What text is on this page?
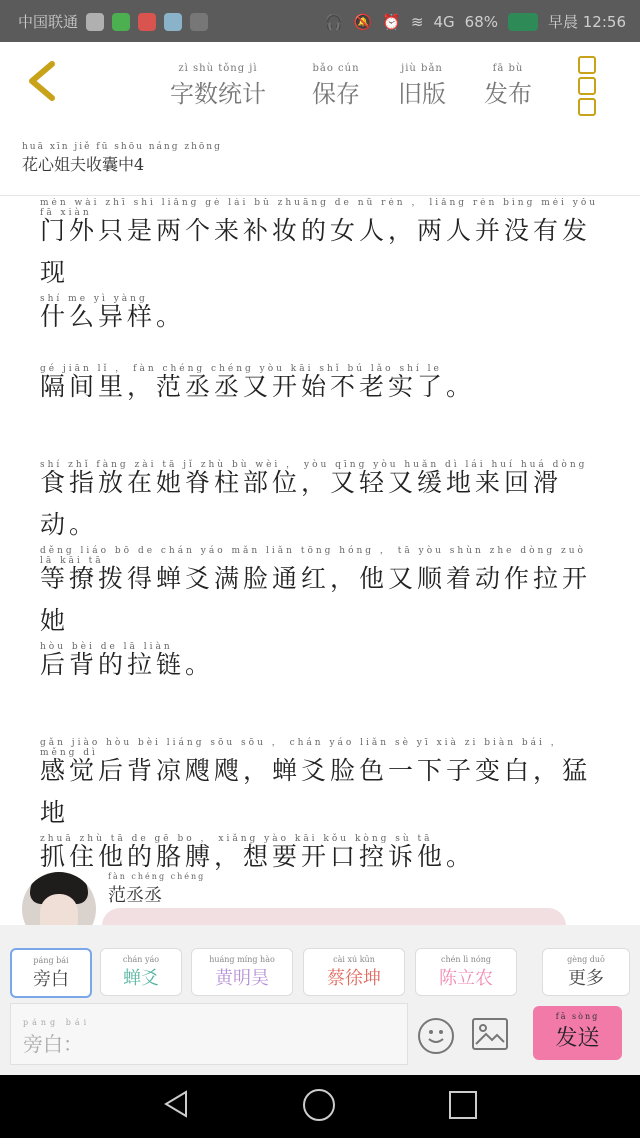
中国联通	🎧 🔕 ⏰ ≋ 4G 68%	早晨 12:56
zì shù tǒng jì
字数统计
bǎo cún
保存
jiù bǎn
旧版
fā bù
发布
huā xīn jiě fū shōu náng zhōng
花心姐夫收囊中4
mén wài zhī shì liǎng gè lái bǔ zhuāng de nǚ rén ， liǎng rén bìng méi yǒu fā xiàn
门外只是两个来补妆的女人，两人并没有发现

shí me yì yàng
什么异样。
gé jiān lǐ ， fàn chéng chéng yòu kāi shǐ bú lǎo shí le
隔间里，范丞丞又开始不老实了。
shí zhǐ fàng zài tā jǐ zhù bù wèi ， yòu qīng yòu huǎn dì lái huí huá dòng
食指放在她脊柱部位，又轻又缓地来回滑动。

děng liáo bō de chán yáo mǎn liǎn tōng hóng ， tā yòu shùn zhe dòng zuò lā kāi tā
等撩拨得蝉爻满脸通红，他又顺着动作拉开她

hòu bèi de lā liàn
后背的拉链。
gǎn jiào hòu bèi liáng sōu sōu ， chán yáo liǎn sè yī xià zi biàn bái ， měng dì
感觉后背凉飕飕，蝉爻脸色一下子变白，猛地

zhuā zhù tā de gē bo ， xiǎng yào kāi kǒu kòng sù tā
抓住他的胳膊，想要开口控诉他。

fàn chéng chéng
范丞丞
páng bái
旁白
chán yáo
蝉爻
huáng míng hào
黄明昊
cài xú kūn
蔡徐坤
chén lì nóng
陈立农
gèng duō
更多
páng bái
旁白：
fā sòng
发送
